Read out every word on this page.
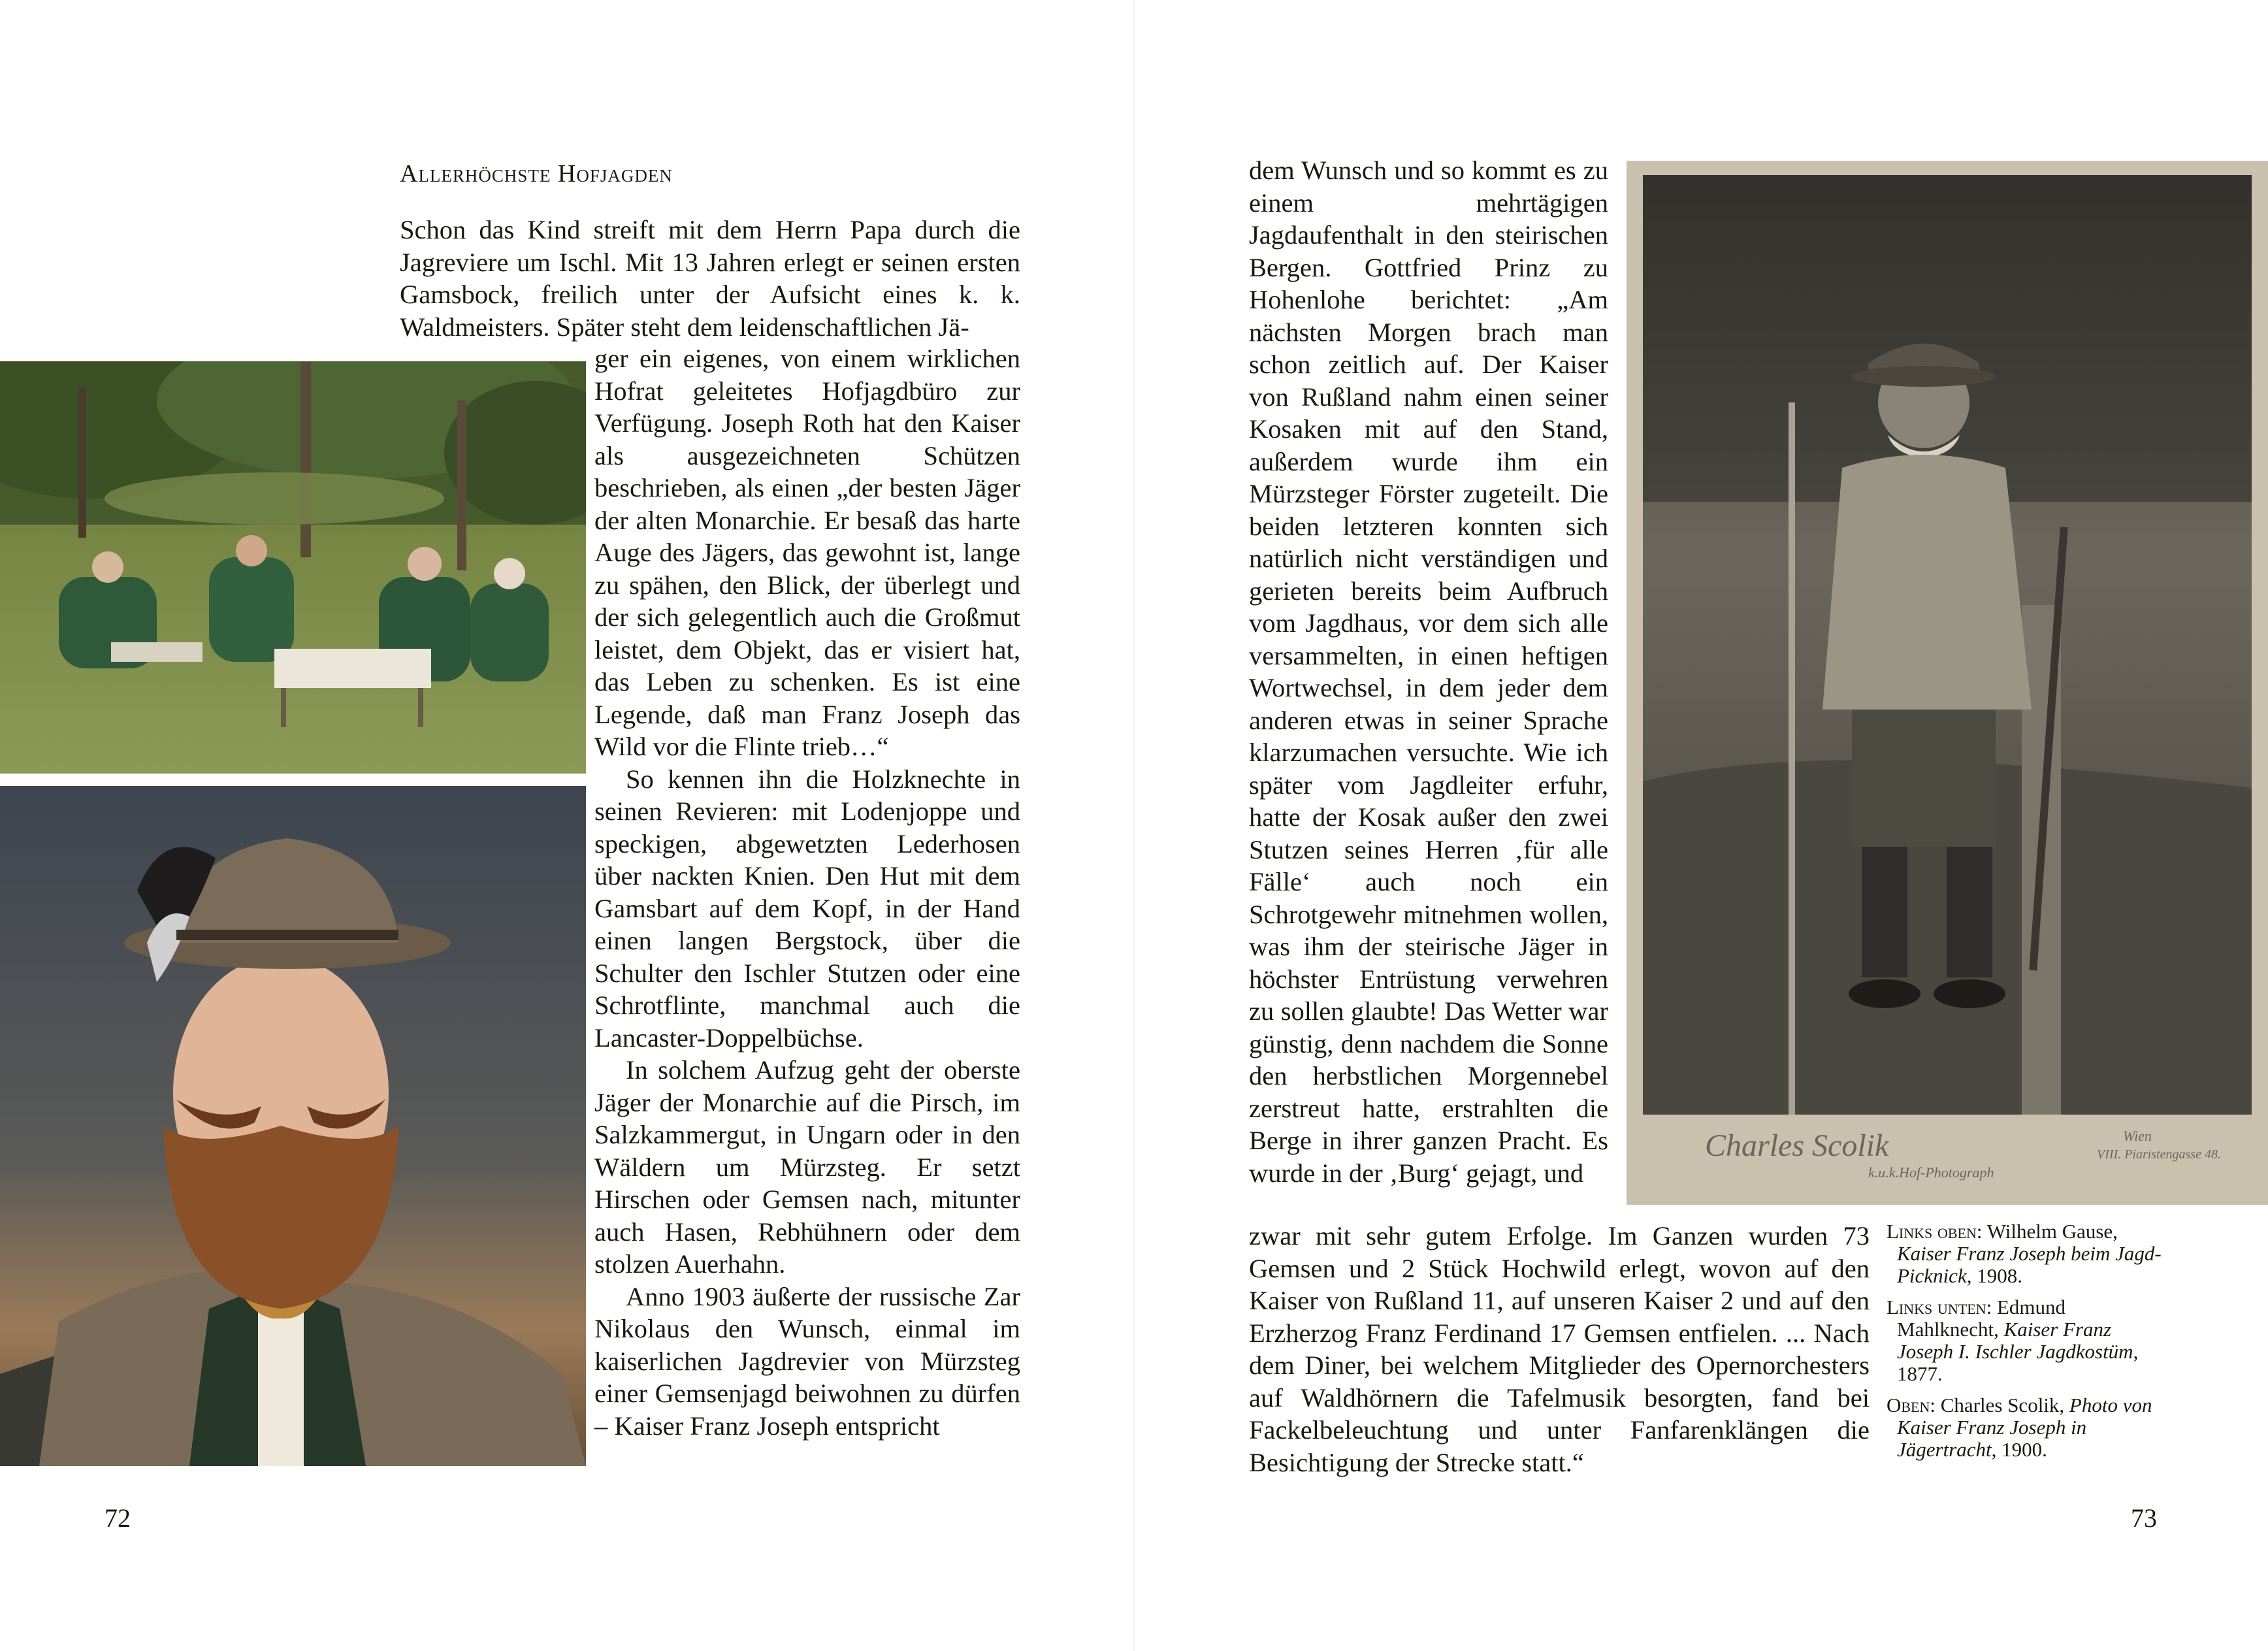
Allerhöchste Hofjagden

Schon das Kind streift mit dem Herrn Papa durch die Jagreviere um Ischl. Mit 13 Jahren erlegt er seinen ersten Gamsbock, freilich unter der Aufsicht eines k. k. Waldmeisters. Später steht dem leidenschaftlichen Jä-

ger ein eigenes, von einem wirklichen Hofrat geleitetes Hofjagdbüro zur Verfügung. Joseph Roth hat den Kaiser als ausgezeichneten Schützen beschrieben, als einen „der besten Jäger der alten Monarchie. Er besaß das harte Auge des Jägers, das gewohnt ist, lange zu spähen, den Blick, der überlegt und der sich gelegentlich auch die Großmut leistet, dem Objekt, das er visiert hat, das Leben zu schenken. Es ist eine Legende, daß man Franz Joseph das Wild vor die Flinte trieb…“

So kennen ihn die Holzknechte in seinen Revieren: mit Lodenjoppe und speckigen, abgewetzten Lederhosen über nackten Knien. Den Hut mit dem Gamsbart auf dem Kopf, in der Hand einen langen Bergstock, über die Schulter den Ischler Stutzen oder eine Schrotflinte, manchmal auch die Lancaster-Doppelbüchse.

In solchem Aufzug geht der oberste Jäger der Monarchie auf die Pirsch, im Salzkammergut, in Ungarn oder in den Wäldern um Mürzsteg. Er setzt Hirschen oder Gemsen nach, mitunter auch Hasen, Rebhühnern oder dem stolzen Auerhahn.

Anno 1903 äußerte der russische Zar Nikolaus den Wunsch, einmal im kaiserlichen Jagdrevier von Mürzsteg einer Gemsenjagd beiwohnen zu dürfen – Kaiser Franz Joseph entspricht

72

dem Wunsch und so kommt es zu einem mehrtägigen Jagdaufenthalt in den steirischen Bergen. Gottfried Prinz zu Hohenlohe berichtet: „Am nächsten Morgen brach man schon zeitlich auf. Der Kaiser von Rußland nahm einen seiner Kosaken mit auf den Stand, außerdem wurde ihm ein Mürzsteger Förster zugeteilt. Die beiden letzteren konnten sich natürlich nicht verständigen und gerieten bereits beim Aufbruch vom Jagdhaus, vor dem sich alle versammelten, in einen heftigen Wortwechsel, in dem jeder dem anderen etwas in seiner Sprache klarzumachen versuchte. Wie ich später vom Jagdleiter erfuhr, hatte der Kosak außer den zwei Stutzen seines Herren ‚für alle Fälle‘ auch noch ein Schrotgewehr mitnehmen wollen, was ihm der steirische Jäger in höchster Entrüstung verwehren zu sollen glaubte! Das Wetter war günstig, denn nachdem die Sonne den herbstlichen Morgennebel zerstreut hatte, erstrahlten die Berge in ihrer ganzen Pracht. Es wurde in der ‚Burg‘ gejagt, und

zwar mit sehr gutem Erfolge. Im Ganzen wurden 73 Gemsen und 2 Stück Hochwild erlegt, wovon auf den Kaiser von Rußland 11, auf unseren Kaiser 2 und auf den Erzherzog Franz Ferdinand 17 Gemsen entfielen. ... Nach dem Diner, bei welchem Mitglieder des Opernorchesters auf Waldhörnern die Tafelmusik besorgten, fand bei Fackelbeleuchtung und unter Fanfarenklängen die Besichtigung der Strecke statt.“

Charles Scolik
k.u.k.Hof-Photograph
Wien
VIII. Piaristengasse 48.

Links oben: Wilhelm Gause, Kaiser Franz Joseph beim Jagd-Picknick, 1908.

Links unten: Edmund Mahlknecht, Kaiser Franz Joseph I. Ischler Jagdkostüm, 1877.

Oben: Charles Scolik, Photo von Kaiser Franz Joseph in Jägertracht, 1900.

73
